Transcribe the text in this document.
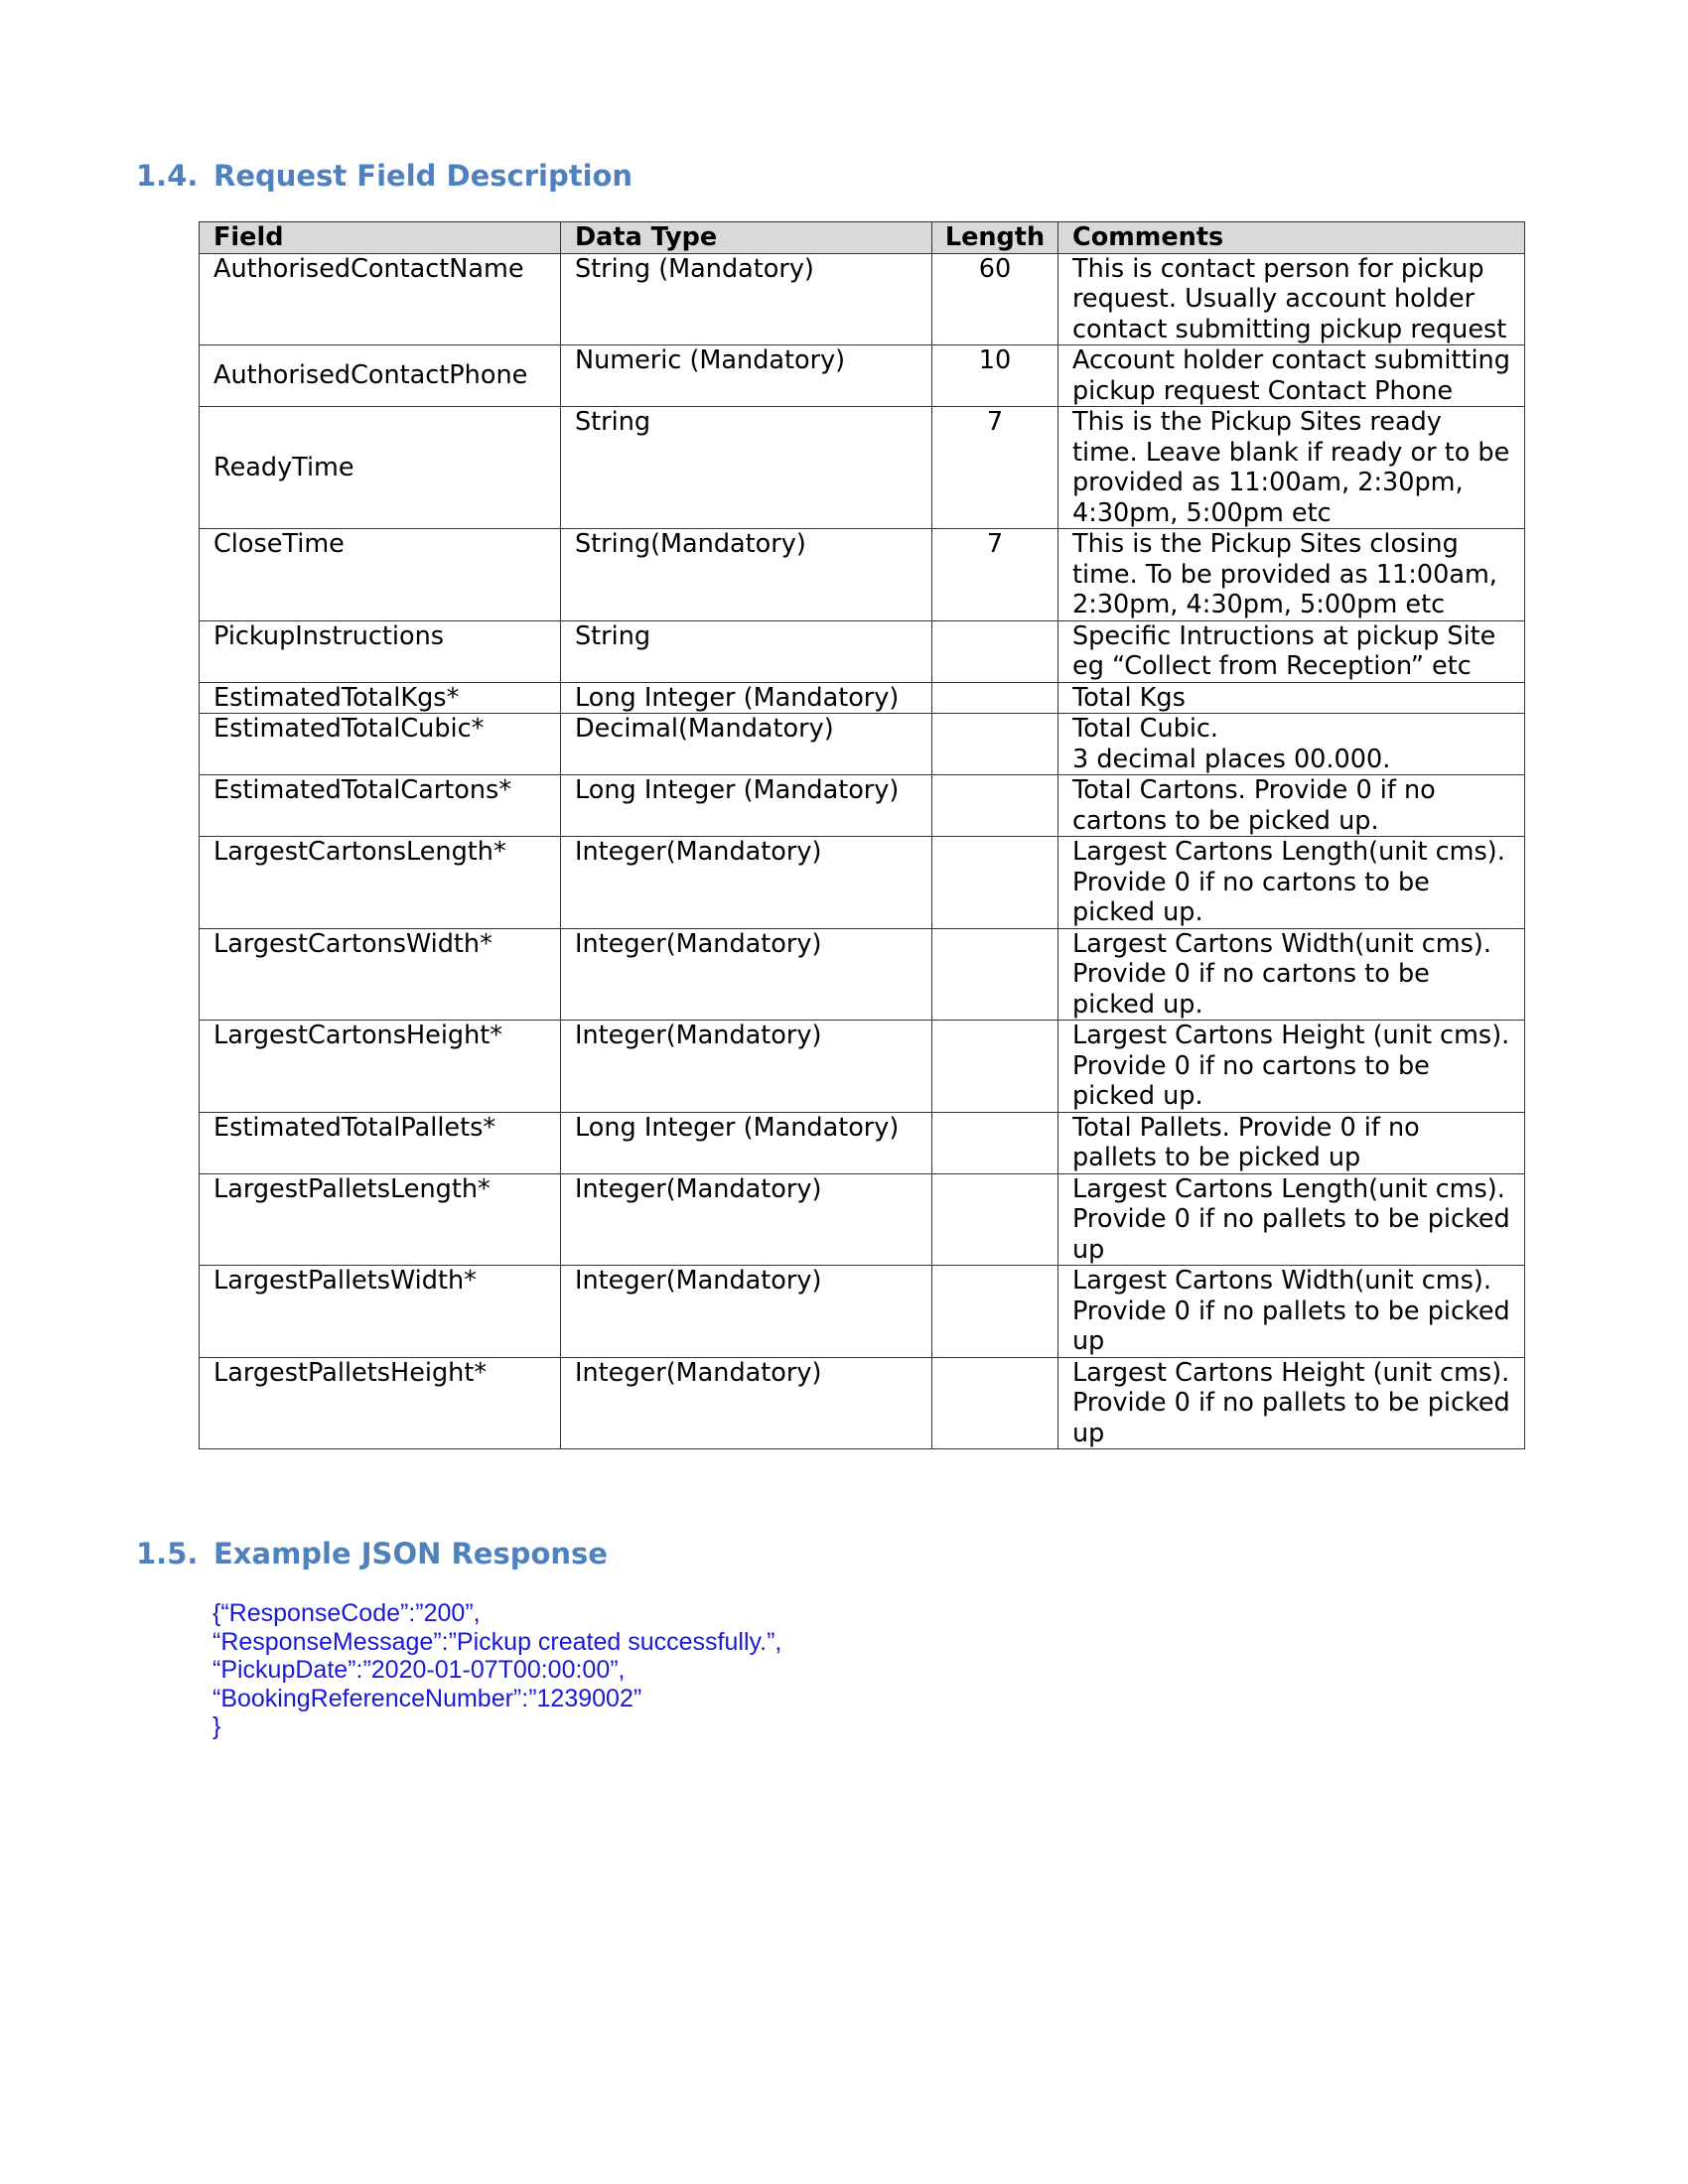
1.4. Request Field Description
Field	Data Type	Length	Comments
AuthorisedContactName	String (Mandatory)	60	This is contact person for pickup request. Usually account holder contact submitting pickup request
AuthorisedContactPhone	Numeric (Mandatory)	10	Account holder contact submitting pickup request Contact Phone
ReadyTime	String	7	This is the Pickup Sites ready time. Leave blank if ready or to be provided as 11:00am, 2:30pm, 4:30pm, 5:00pm etc
CloseTime	String(Mandatory)	7	This is the Pickup Sites closing time. To be provided as 11:00am, 2:30pm, 4:30pm, 5:00pm etc
PickupInstructions	String		Specific Intructions at pickup Site eg “Collect from Reception” etc
EstimatedTotalKgs*	Long Integer (Mandatory)		Total Kgs
EstimatedTotalCubic*	Decimal(Mandatory)		Total Cubic.
3 decimal places 00.000.

EstimatedTotalCartons*	Long Integer (Mandatory)		Total Cartons. Provide 0 if no cartons to be picked up.
LargestCartonsLength*	Integer(Mandatory)		Largest Cartons Length(unit cms). Provide 0 if no cartons to be picked up.
LargestCartonsWidth*	Integer(Mandatory)		Largest Cartons Width(unit cms). Provide 0 if no cartons to be picked up.
LargestCartonsHeight*	Integer(Mandatory)		Largest Cartons Height (unit cms). Provide 0 if no cartons to be picked up.
EstimatedTotalPallets*	Long Integer (Mandatory)		Total Pallets. Provide 0 if no pallets to be picked up
LargestPalletsLength*	Integer(Mandatory)		Largest Cartons Length(unit cms). Provide 0 if no pallets to be picked up
LargestPalletsWidth*	Integer(Mandatory)		Largest Cartons Width(unit cms). Provide 0 if no pallets to be picked up
LargestPalletsHeight*	Integer(Mandatory)		Largest Cartons Height (unit cms). Provide 0 if no pallets to be picked up
1.5. Example JSON Response
{“ResponseCode”:”200”,
“ResponseMessage”:”Pickup created successfully.”,
“PickupDate”:”2020-01-07T00:00:00”,
“BookingReferenceNumber”:”1239002”
}
